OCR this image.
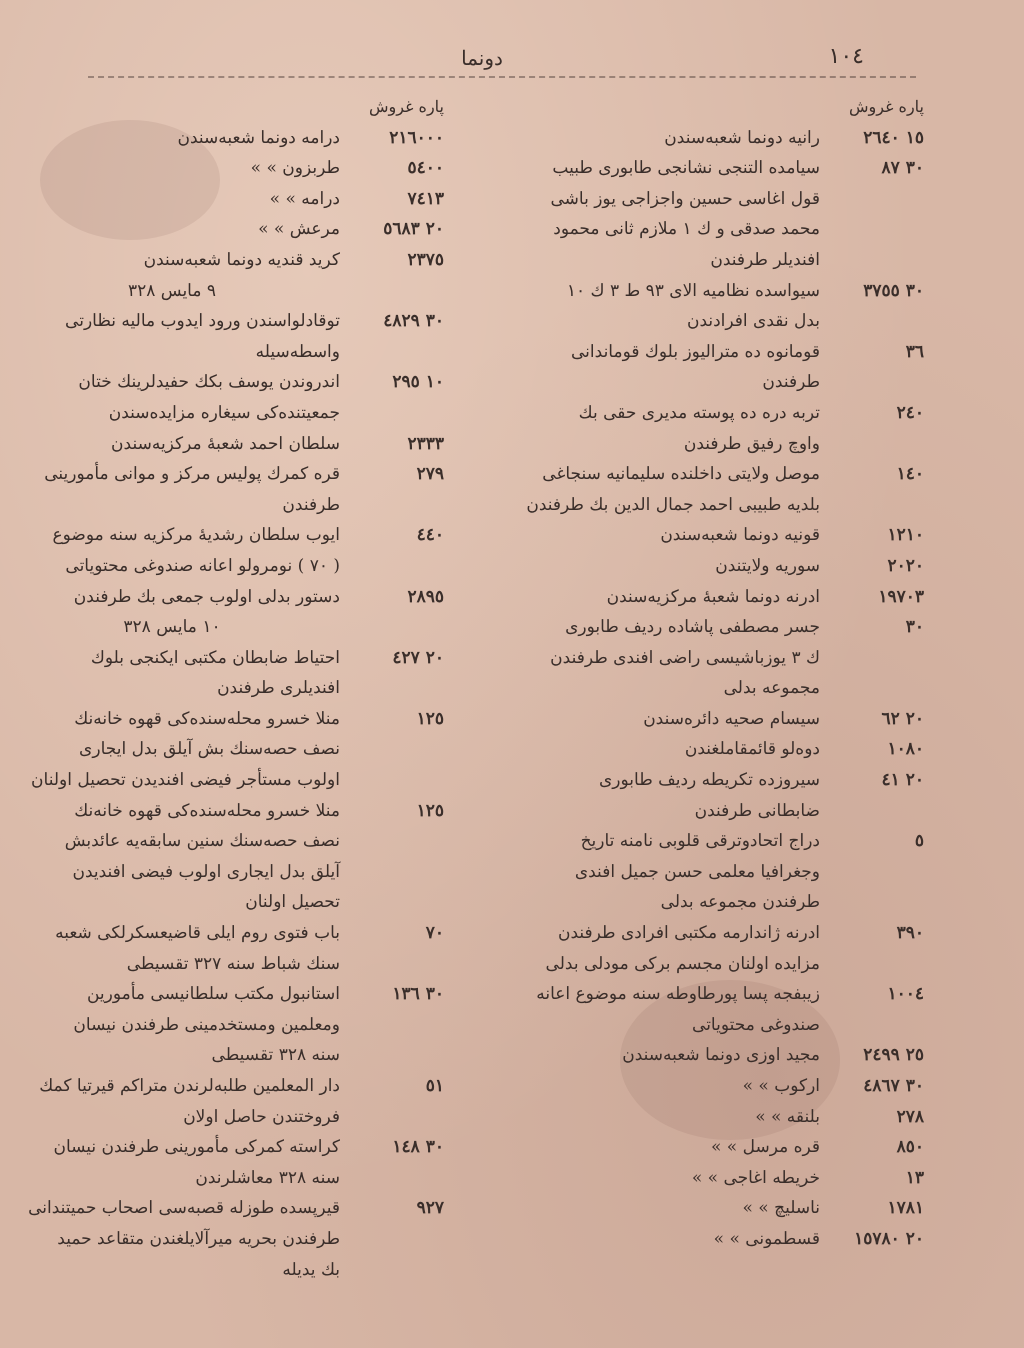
١٠٤
دونما
پاره غروش
١٥ ٢٦٤٠
رانيه دونما شعبه‌سندن
٣٠ ٨٧
سيامده التنجى نشانجى طابورى طبيب
قول اغاسى حسين واجزاجى يوز باشى
محمد صدقى و ك ١ ملازم ثانى محمود
افنديلر طرفندن
٣٠ ٣٧٥٥
سيواسده نظاميه الاى ٩٣ ط ٣ ك ١٠
بدل نقدى افرادندن
٣٦
قومانوه ده متراليوز بلوك قوماندانى
طرفندن
٢٤٠
تربه دره ده پوسته مديرى حقى بك
واوچ رفيق طرفندن
١٤٠
موصل ولايتى داخلنده سليمانيه سنجاغى
بلديه طبيبى احمد جمال الدين بك طرفندن
١٢١٠
قونيه دونما شعبه‌سندن
٢٠٢٠
سوريه ولايتندن
١٩٧٠٣
ادرنه دونما شعبۀ مركزيه‌سندن
٣٠
جسر مصطفى پاشاده رديف طابورى
ك ٣ يوزباشيسى راضى افندى طرفندن
مجموعه بدلى
٢٠ ٦٢
سيسام صحيه دائره‌سندن
١٠٨٠
دوه‌لو قائمقاملغندن
٢٠ ٤١
سيروزده تكريطه رديف طابورى
ضابطانى طرفندن
٥
دراج اتحادوترقى قلوبى نامنه تاريخ
وجغرافيا معلمى حسن جميل افندى
طرفندن مجموعه بدلى
٣٩٠
ادرنه ژاندارمه مكتبى افرادى طرفندن
مزايده اولنان مجسم بركى مودلى بدلى
١٠٠٤
زيبفجه پسا پورطاوطه سنه موضوع اعانه
صندوغى محتوياتى
٢٥ ٢٤٩٩
مجيد اوزى دونما شعبه‌سندن
٣٠ ٤٨٦٧
اركوب » »
٢٧٨
بلنقه » »
٨٥٠
قره مرسل » »
١٣
خريطه اغاجى » »
١٧٨١
ناسليچ » »
٢٠ ١٥٧٨٠
قسطمونى » »
پاره غروش
٢١٦٠٠٠
درامه دونما شعبه‌سندن
٥٤٠٠
طربزون » »
٧٤١٣
درامه » »
٢٠ ٥٦٨٣
مرعش » »
٢٣٧٥
كريد قنديه دونما شعبه‌سندن
٩ مايس ٣٢٨
٣٠ ٤٨٢٩
توقادلواسندن ورود ايدوب ماليه نظارتى
واسطه‌سيله
١٠ ٢٩٥
اندروندن يوسف بكك حفيدلرينك ختان
جمعيتنده‌كى سيغاره مزايده‌سندن
٢٣٣٣
سلطان احمد شعبۀ مركزيه‌سندن
٢٧٩
قره كمرك پوليس مركز و موانى مأمورينى
طرفندن
٤٤٠
ايوب سلطان رشديۀ مركزيه سنه موضوع
( ٧٠ ) نومرولو اعانه صندوغى محتوياتى
٢٨٩٥
دستور بدلى اولوب جمعى بك طرفندن
١٠ مايس ٣٢٨
٢٠ ٤٢٧
احتياط ضابطان مكتبى ايكنجى بلوك
افنديلرى طرفندن
١٢٥
منلا خسرو محله‌سنده‌كى قهوه خانه‌نك
نصف حصه‌سنك بش آيلق بدل ايجارى
اولوب مستأجر فيضى افنديدن تحصيل اولنان
١٢٥
منلا خسرو محله‌سنده‌كى قهوه خانه‌نك
نصف حصه‌سنك سنين سابقه‌يه عائدبش
آيلق بدل ايجارى اولوب فيضى افنديدن
تحصيل اولنان
٧٠
باب فتوى روم ايلى قاضيعسكرلكى شعبه‌
سنك شباط سنه ٣٢٧ تقسيطى
٣٠ ١٣٦
استانبول مكتب سلطانيسى مأمورين
ومعلمين ومستخدمينى طرفندن نيسان
سنه ٣٢٨ تقسيطى
٥١
دار المعلمين طلبه‌لرندن متراكم قيرتيا كمك
فروختندن حاصل اولان
٣٠ ١٤٨
كراسته كمركى مأمورينى طرفندن نيسان
سنه ٣٢٨ معاشلرندن
٩٢٧
قيرپسده طوزله قصبه‌سى اصحاب حميتندانى
طرفندن بحريه ميرآلايلغندن متقاعد حميد
بك يديله
